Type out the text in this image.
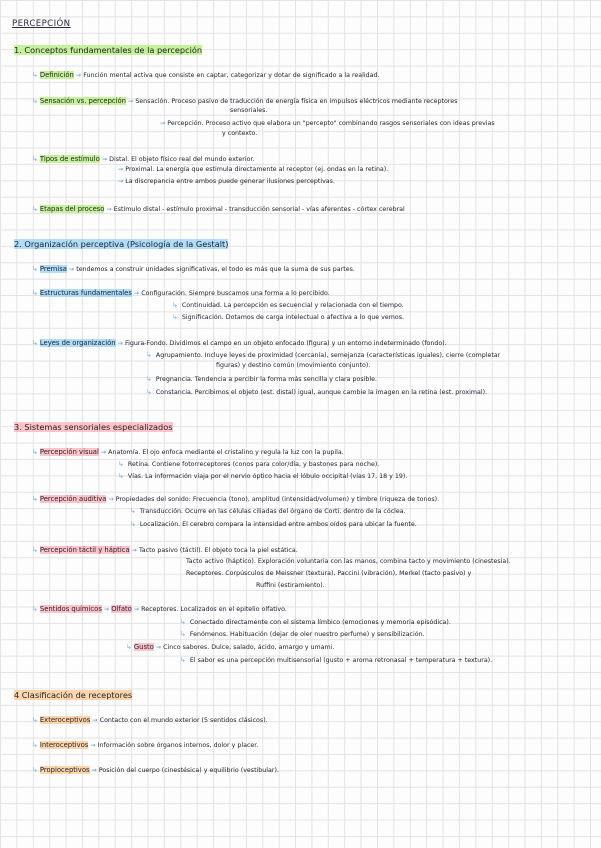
PERCEPCIÓN
1. Conceptos fundamentales de la percepción
↳ Definición → Función mental activa que consiste en captar, categorizar y dotar de significado a la realidad.
↳ Sensación vs. percepción → Sensación. Proceso pasivo de traducción de energía física en impulsos eléctricos mediante receptores
sensoriales.
→ Percepción. Proceso activo que elabora un "percepto" combinando rasgos sensoriales con ideas previas
y contexto.
↳ Tipos de estímulo → Distal. El objeto físico real del mundo exterior.
→ Proximal. La energía que estimula directamente al receptor (ej. ondas en la retina).
→ La discrepancia entre ambos puede generar ilusiones perceptivas.
↳ Etapas del proceso → Estímulo distal - estímulo proximal - transducción sensorial - vías aferentes - córtex cerebral
2. Organización perceptiva (Psicología de la Gestalt)
↳ Premisa → tendemos a construir unidades significativas, el todo es más que la suma de sus partes.
↳ Estructuras fundamentales → Configuración. Siempre buscamos una forma a lo percibido.
↳ Continuidad. La percepción es secuencial y relacionada con el tiempo.
↳ Significación. Dotamos de carga intelectual o afectiva a lo que vemos.
↳ Leyes de organización → Figura-Fondo. Dividimos el campo en un objeto enfocado (figura) y un entorno indeterminado (fondo).
↳ Agrupamiento. Incluye leyes de proximidad (cercanía), semejanza (características iguales), cierre (completar
figuras) y destino común (movimiento conjunto).
↳ Pregnancia. Tendencia a percibir la forma más sencilla y clara posible.
↳ Constancia. Percibimos el objeto (est. distal) igual, aunque cambie la imagen en la retina (est. proximal).
3. Sistemas sensoriales especializados
↳ Percepción visual → Anatomía. El ojo enfoca mediante el cristalino y regula la luz con la pupila.
↳ Retina. Contiene fotorreceptores (conos para color/día, y bastones para noche).
↳ Vías. La información viaja por el nervio óptico hacia el lóbulo occipital (vías 17, 18 y 19).
↳ Percepción auditiva → Propiedades del sonido: Frecuencia (tono), amplitud (intensidad/volumen) y timbre (riqueza de tonos).
↳ Transducción. Ocurre en las células ciliadas del órgano de Corti, dentro de la cóclea.
↳ Localización. El cerebro compara la intensidad entre ambos oídos para ubicar la fuente.
↳ Percepción táctil y háptica → Tacto pasivo (táctil). El objeto toca la piel estática.
Tacto activo (háptico). Exploración voluntaria con las manos, combina tacto y movimiento (cinestesia).
Receptores. Corpúsculos de Meissner (textura), Paccini (vibración), Merkel (tacto pasivo) y
Ruffini (estiramiento).
↳ Sentidos químicos → Olfato → Receptores. Localizados en el epitelio olfativo.
↳ Conectado directamente con el sistema límbico (emociones y memoria episódica).
↳ Fenómenos. Habituación (dejar de oler nuestro perfume) y sensibilización.
↳ Gusto → Cinco sabores. Dulce, salado, ácido, amargo y umami.
↳ El sabor es una percepción multisensorial (gusto + aroma retronasal + temperatura + textura).
4 Clasificación de receptores
↳ Exteroceptivos → Contacto con el mundo exterior (5 sentidos clásicos).
↳ Interoceptivos → Información sobre órganos internos, dolor y placer.
↳ Propioceptivos → Posición del cuerpo (cinestésica) y equilibrio (vestibular).
